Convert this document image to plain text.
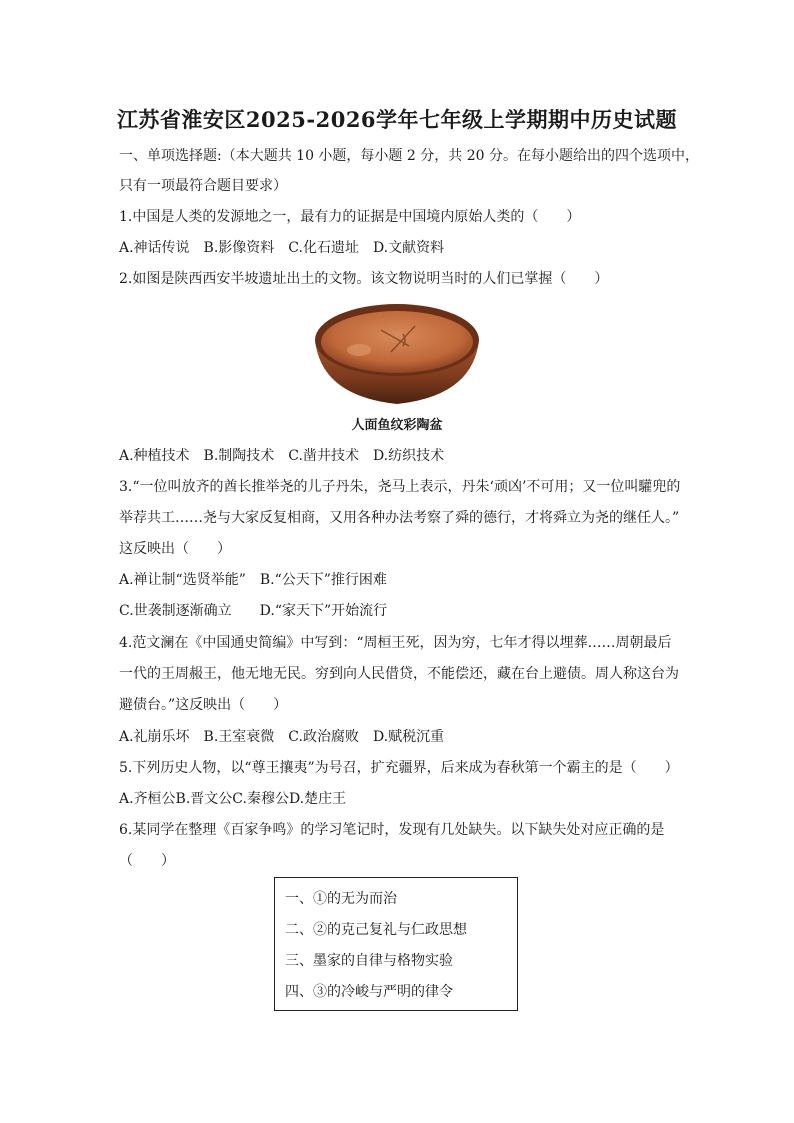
江苏省淮安区2025-2026学年七年级上学期期中历史试题
一、单项选择题:（本大题共 10 小题，每小题 2 分，共 20 分。在每小题给出的四个选项中，
只有一项最符合题目要求）
1.中国是人类的发源地之一，最有力的证据是中国境内原始人类的（　　）
A.神话传说　B.影像资料　C.化石遗址　D.文献资料
2.如图是陕西西安半坡遗址出土的文物。该文物说明当时的人们已掌握（　　）
人面鱼纹彩陶盆
A.种植技术　B.制陶技术　C.凿井技术　D.纺织技术
3.“一位叫放齐的酋长推举尧的儿子丹朱，尧马上表示，丹朱‘顽凶’不可用；又一位叫驩兜的
举荐共工……尧与大家反复相商，又用各种办法考察了舜的德行，才将舜立为尧的继任人。”
这反映出（　　）
A.禅让制“选贤举能”　B.“公天下”推行困难
C.世袭制逐渐确立　　D.“家天下”开始流行
4.范文澜在《中国通史简编》中写到：“周桓王死，因为穷，七年才得以埋葬……周朝最后
一代的王周赧王，他无地无民。穷到向人民借贷，不能偿还，藏在台上避债。周人称这台为
避债台。”这反映出（　　）
A.礼崩乐坏　B.王室衰微　C.政治腐败　D.赋税沉重
5.下列历史人物，以“尊王攘夷”为号召，扩充疆界，后来成为春秋第一个霸主的是（　　）
A.齐桓公B.晋文公C.秦穆公D.楚庄王
6.某同学在整理《百家争鸣》的学习笔记时，发现有几处缺失。以下缺失处对应正确的是
（　　）
一、①的无为而治
二、②的克己复礼与仁政思想
三、墨家的自律与格物实验
四、③的冷峻与严明的律令
